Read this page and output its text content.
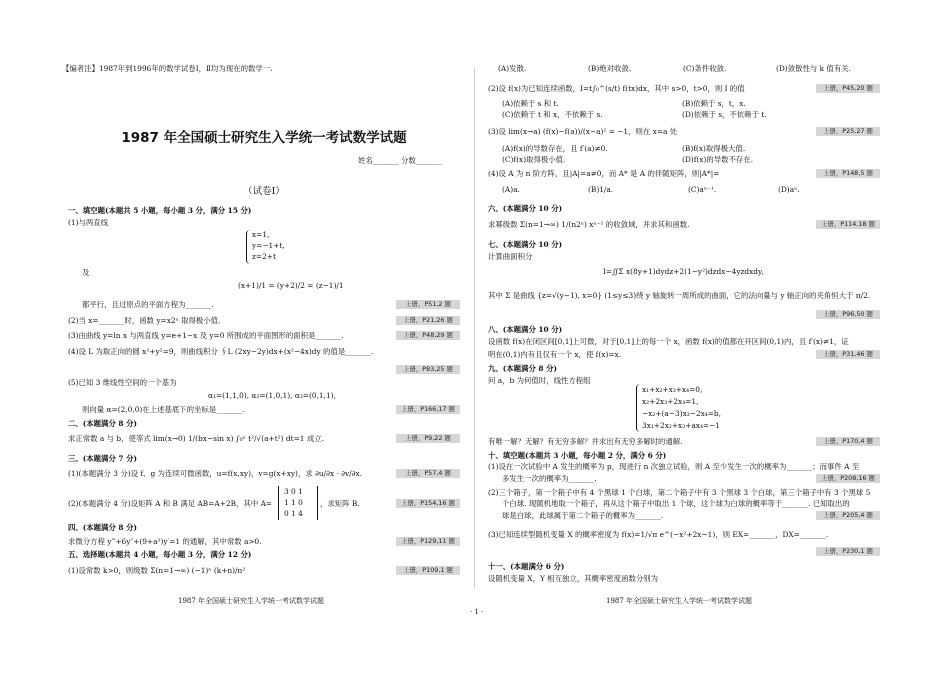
【编者注】1987年到1996年的数学试卷Ⅰ，Ⅱ均为现在的数学一.
1987 年全国硕士研究生入学统一考试数学试题
姓名_______ 分数_______
（试卷Ⅰ）
一、填空题(本题共 5 小题，每小题 3 分，满分 15 分)
(1)与两直线
x=1,
y=−1+t,
z=2+t
及
(x+1)/1 = (y+2)/2 = (z−1)/1
都平行，且过原点的平面方程为_______.	上册，P51,2 题
(2)当 x=_______时，函数 y=x2ˣ 取得极小值.	上册，P21,26 题
(3)由曲线 y=ln x 与两直线 y=e+1−x 及 y=0 所围成的平面图形的面积是_______.	上册，P48,29 题
(4)设 L 为取正向的圆 x²+y²=9，则曲线积分 ∮L (2xy−2y)dx+(x²−4x)dy 的值是_______.
上册，P83,25 题
(5)已知 3 维线性空间的一个基为
α₁=(1,1,0), α₂=(1,0,1), α₃=(0,1,1),
则向量 α=(2,0,0)在上述基底下的坐标是_______.	上册，P166,17 题
二、(本题满分 8 分)
求正常数 a 与 b，使等式 lim(x→0) 1/(bx−sin x) ∫₀ˣ t²/√(a+t²) dt=1 成立.	上册，P9,22 题
三、(本题满分 7 分)
(1)(本题满分 3 分)设 f、g 为连续可微函数，u=f(x,xy)，v=g(x+xy)，求 ∂u/∂x · ∂v/∂x.	上册，P57,4 题
(2)(本题满分 4 分)设矩阵 A 和 B 满足 AB=A+2B，其中 A=
3 0 1
1 1 0
0 1 4
，求矩阵 B.	上册，P154,16 题
四、(本题满分 8 分)
求微分方程 y‴+6y″+(9+a²)y′=1 的通解，其中常数 a>0.	上册，P129,11 题
五、选择题(本题共 4 小题，每小题 3 分，满分 12 分)
(1)设常数 k>0，则级数 Σ(n=1→∞) (−1)ⁿ (k+n)/n²	上册，P109,1 题
1987 年全国硕士研究生入学统一考试数学试题
(A)发散.	(B)绝对收敛.	(C)条件收敛.	(D)敛散性与 k 值有关.
(2)设 f(x)为已知连续函数，I=t∫₀^(s/t) f(tx)dx，其中 s>0，t>0，则 I 的值	上册，P45,20 题
(A)依赖于 s 和 t.	(B)依赖于 s，t，x.
(C)依赖于 t 和 x，不依赖于 s.	(D)依赖于 s，不依赖于 t.
(3)设 lim(x→a) (f(x)−f(a))/(x−a)² = −1，则在 x=a 处	上册，P25,27 题
(A)f(x)的导数存在，且 f′(a)≠0.	(B)f(x)取得极大值.
(C)f(x)取得极小值.	(D)f(x)的导数不存在.
(4)设 A 为 n 阶方阵，且|A|=a≠0，而 A* 是 A 的伴随矩阵，则|A*|=	上册，P148,5 题
(A)a.	(B)1/a.	(C)aⁿ⁻¹.	(D)aⁿ.
六、(本题满分 10 分)
求幂级数 Σ(n=1→∞) 1/(n2ⁿ) xⁿ⁻¹ 的收敛域，并求其和函数.	上册，P114,18 题
七、(本题满分 10 分)
计算曲面积分
I=∬Σ x(8y+1)dydz+2(1−y²)dzdx−4yzdxdy,
其中 Σ 是曲线 {z=√(y−1), x=0} (1≤y≤3)绕 y 轴旋转一周所成的曲面，它的法向量与 y 轴正向的夹角恒大于 π/2.
上册，P96,50 题
八、(本题满分 10 分)
设函数 f(x)在闭区间[0,1]上可微，对于[0,1]上的每一个 x，函数 f(x)的值都在开区间(0,1)内，且 f′(x)≠1，证
明在(0,1)内有且仅有一个 x，使 f(x)=x.	上册，P31,46 题
九、(本题满分 8 分)
问 a，b 为何值时，线性方程组
x₁+x₂+x₃+x₄=0,
x₂+2x₃+2x₄=1,
−x₂+(a−3)x₃−2x₄=b,
3x₁+2x₂+x₃+ax₄=−1
有唯一解？无解？有无穷多解？并求出有无穷多解时的通解.	上册，P170,4 题
十、填空题(本题共 3 小题，每小题 2 分，满分 6 分)
(1)设在一次试验中 A 发生的概率为 p，现进行 n 次独立试验，则 A 至少发生一次的概率为_______；而事件 A 至
多发生一次的概率为_______.	上册，P208,16 题
(2)三个箱子，第一个箱子中有 4 个黑球 1 个白球，第二个箱子中有 3 个黑球 3 个白球，第三个箱子中有 3 个黑球 5
个白球. 现随机地取一个箱子，再从这个箱子中取出 1 个球，这个球为白球的概率等于_______. 已知取出的
球是白球，此球属于第二个箱子的概率为_______.	上册，P205,4 题
(3)已知连续型随机变量 X 的概率密度为 f(x)=1/√π e^(−x²+2x−1)，则 EX=_______，DX=_______.
上册，P230,1 题
十一、(本题满分 6 分)
设随机变量 X，Y 相互独立，其概率密度函数分别为
1987 年全国硕士研究生入学统一考试数学试题
· 1 ·
